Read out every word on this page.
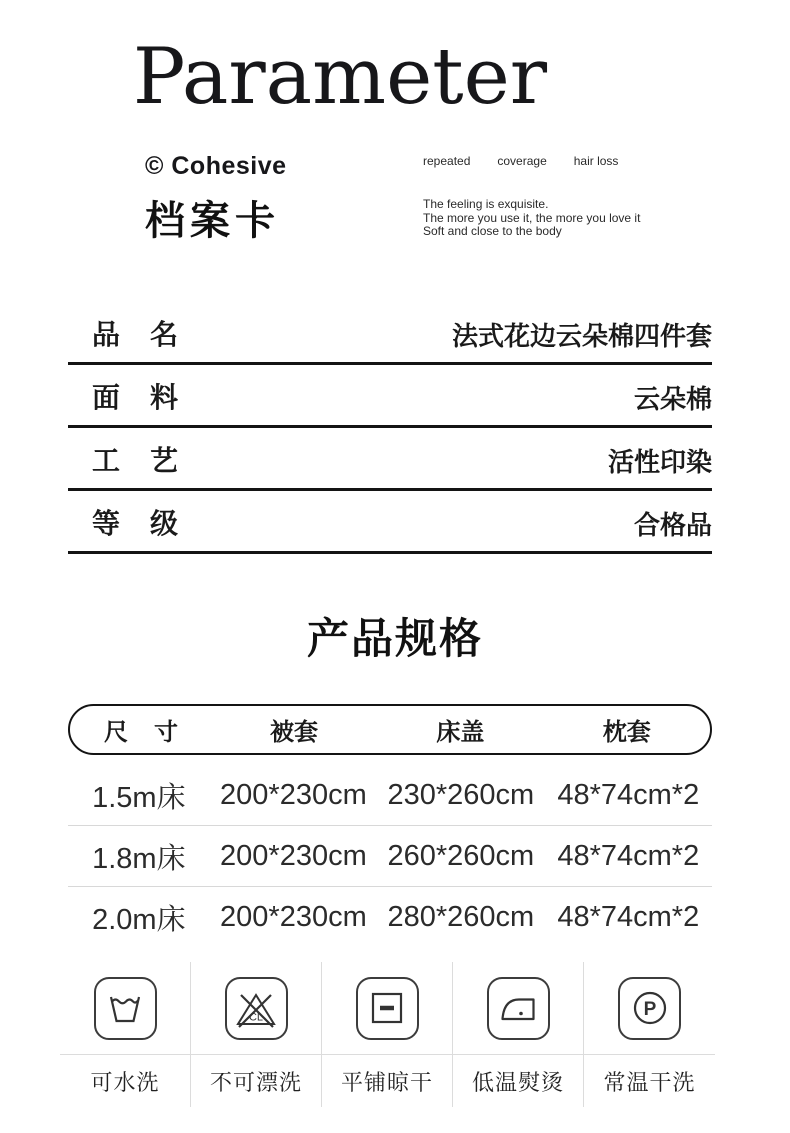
Parameter
© Cohesive
档案卡
repeated coverage hair loss
The feeling is exquisite.
The more you use it, the more you love it
Soft and close to the body
品　名	法式花边云朵棉四件套
面　料	云朵棉
工　艺	活性印染
等　级	合格品
产品规格
尺　寸	被套	床盖	枕套
1.5m床	200*230cm 230*260cm 48*74cm*2
1.8m床	200*230cm 260*260cm 48*74cm*2
2.0m床	200*230cm 280*260cm 48*74cm*2
可水洗
CL
不可漂洗	平铺晾干	低温熨烫
P
常温干洗
